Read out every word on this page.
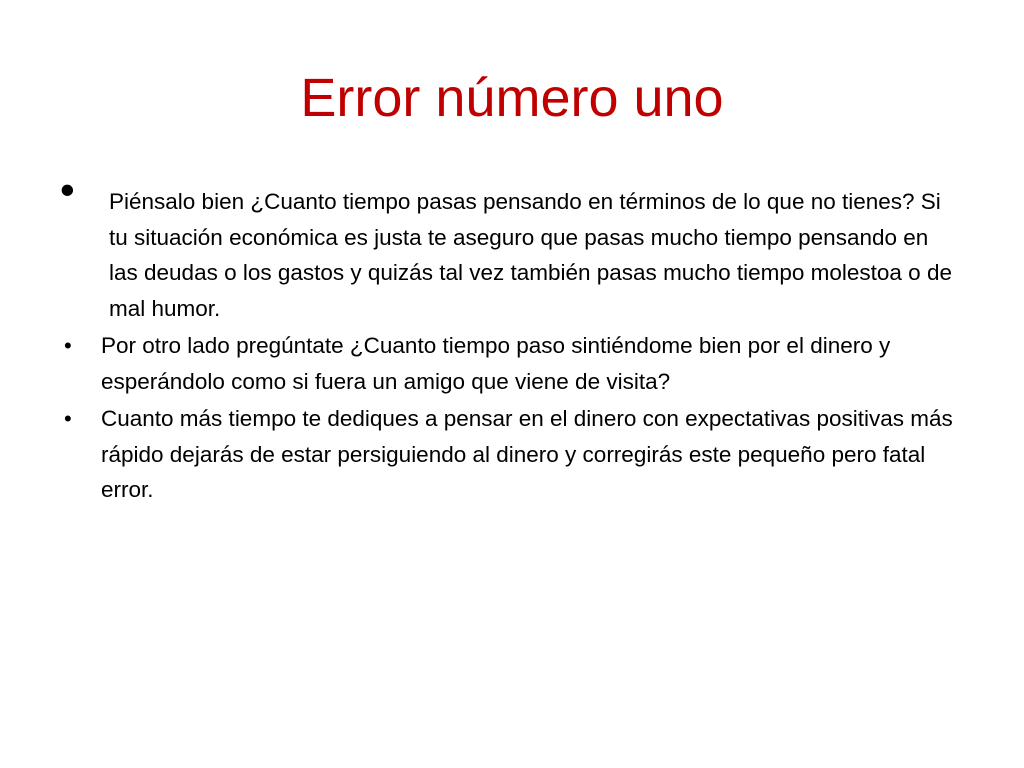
Error número uno
•	Piénsalo bien ¿Cuanto tiempo pasas pensando en términos de lo que no tienes? Si tu situación económica es justa te aseguro que pasas mucho tiempo pensando en las deudas o los gastos y quizás tal vez también pasas mucho tiempo molestoa o de mal humor.
• Por otro lado pregúntate ¿Cuanto tiempo paso sintiéndome bien por el dinero y esperándolo como si fuera un amigo que viene de visita?
• Cuanto más tiempo te dediques a pensar en el dinero con expectativas positivas más rápido dejarás de estar persiguiendo al dinero y corregirás este pequeño pero fatal error.
